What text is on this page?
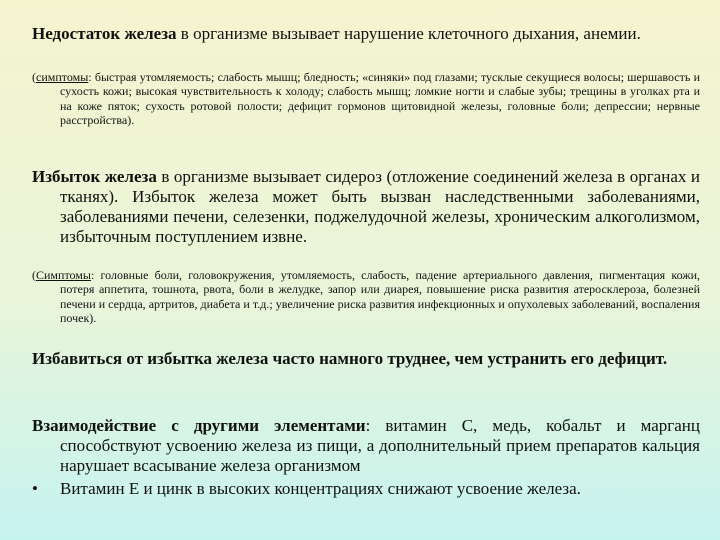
Недостаток железа в организме вызывает нарушение клеточного дыхания, анемии.
(симптомы: быстрая утомляемость; слабость мышц; бледность; «синяки» под глазами; тусклые секущиеся волосы; шершавость и сухость кожи; высокая чувствительность к холоду; слабость мышц; ломкие ногти и слабые зубы; трещины в уголках рта и на коже пяток; сухость ротовой полости; дефицит гормонов щитовидной железы, головные боли; депрессии; нервные расстройства).
Избыток железа в организме вызывает сидероз (отложение соединений железа в органах и тканях). Избыток железа может быть вызван наследственными заболеваниями, заболеваниями печени, селезенки, поджелудочной железы, хроническим алкоголизмом, избыточным поступлением извне.
(Симптомы: головные боли, головокружения, утомляемость, слабость, падение артериального давления, пигментация кожи, потеря аппетита, тошнота, рвота, боли в желудке, запор или диарея, повышение риска развития атеросклероза, болезней печени и сердца, артритов, диабета и т.д.; увеличение риска развития инфекционных и опухолевых заболеваний, воспаления почек).
Избавиться от избытка железа часто намного труднее, чем устранить его дефицит.
Взаимодействие с другими элементами: витамин С, медь, кобальт и марганц способствуют усвоению железа из пищи, а дополнительный прием препаратов кальция нарушает всасывание железа организмом
• Витамин Е и цинк в высоких концентрациях снижают усвоение железа.
